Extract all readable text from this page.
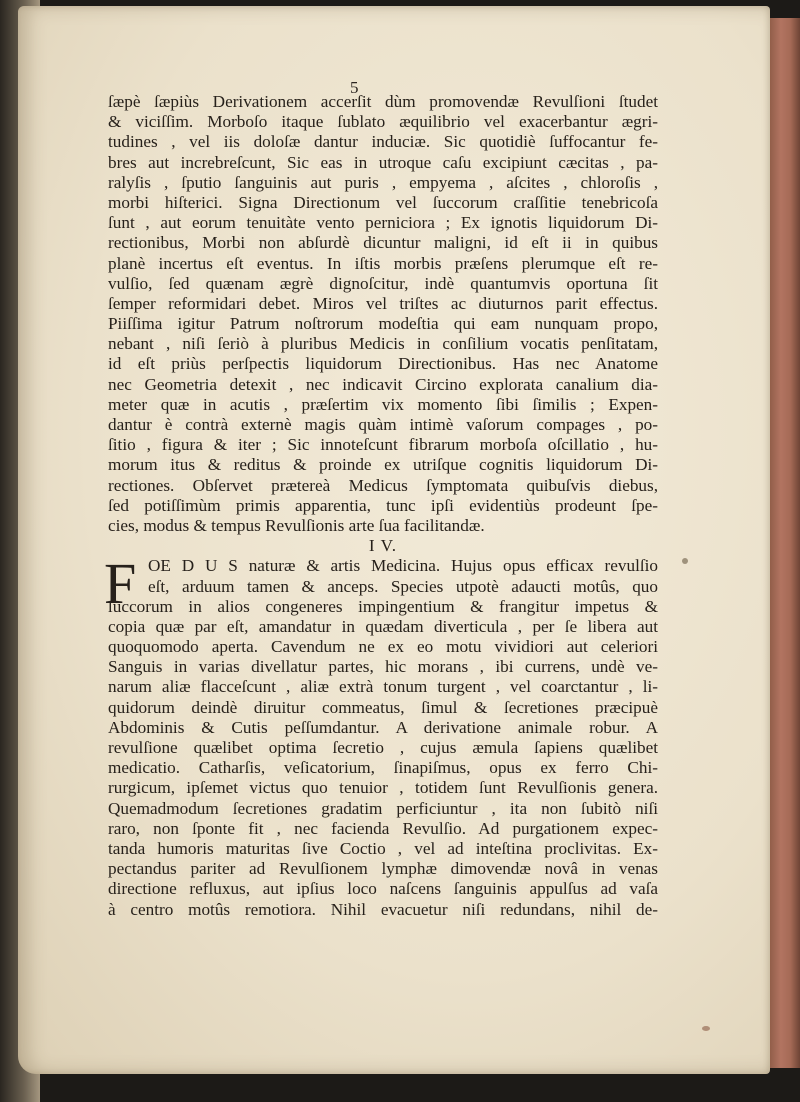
5
ſæpè ſæpiùs Derivationem accerſit dùm promovendæ Revulſioni ſtudet
& viciſſim. Morboſo itaque ſublato æquilibrio vel exacerbantur ægri-
tudines , vel iis doloſæ dantur induciæ. Sic quotidiè ſuffocantur fe-
bres aut increbreſcunt, Sic eas in utroque caſu excipiunt cæcitas , pa-
ralyſis , ſputio ſanguinis aut puris , empyema , aſcites , chloroſis ,
morbi hiſterici. Signa Directionum vel ſuccorum craſſitie tenebricoſa
ſunt , aut eorum tenuitàte vento perniciora ; Ex ignotis liquidorum Di-
rectionibus, Morbi non abſurdè dicuntur maligni, id eſt ii in quibus
planè incertus eſt eventus. In iſtis morbis præſens plerumque eſt re-
vulſio, ſed quænam ægrè dignoſcitur, indè quantumvis oportuna ſit
ſemper reformidari debet. Miros vel triſtes ac diuturnos parit effectus.
Piiſſima igitur Patrum noſtrorum modeſtia qui eam nunquam propo,
nebant , niſi ſeriò à pluribus Medicis in conſilium vocatis penſitatam,
id eſt priùs perſpectis liquidorum Directionibus. Has nec Anatome
nec Geometria detexit , nec indicavit Circino explorata canalium dia-
meter quæ in acutis , præſertim vix momento ſibi ſimilis ; Expen-
dantur è contrà externè magis quàm intimè vaſorum compages , po-
ſitio , figura & iter ; Sic innoteſcunt fibrarum morboſa oſcillatio , hu-
morum itus & reditus & proinde ex utriſque cognitis liquidorum Di-
rectiones. Obſervet prætereà Medicus ſymptomata quibuſvis diebus,
ſed potiſſimùm primis apparentia, tunc ipſi evidentiùs prodeunt ſpe-
cies, modus & tempus Revulſionis arte ſua facilitandæ.
I V.
F OE D U S naturæ & artis Medicina. Hujus opus efficax revulſio
eſt, arduum tamen & anceps. Species utpotè adaucti motûs, quo
ſuccorum in alios congeneres impingentium & frangitur impetus &
copia quæ par eſt, amandatur in quædam diverticula , per ſe libera aut
quoquomodo aperta. Cavendum ne ex eo motu vividiori aut celeriori
Sanguis in varias divellatur partes, hic morans , ibi currens, undè ve-
narum aliæ flacceſcunt , aliæ extrà tonum turgent , vel coarctantur , li-
quidorum deindè diruitur commeatus, ſimul & ſecretiones præcipuè
Abdominis & Cutis peſſumdantur. A derivatione animale robur. A
revulſione quælibet optima ſecretio , cujus æmula ſapiens quælibet
medicatio. Catharſis, veſicatorium, ſinapiſmus, opus ex ferro Chi-
rurgicum, ipſemet victus quo tenuior , totidem ſunt Revulſionis genera.
Quemadmodum ſecretiones gradatim perficiuntur , ita non ſubitò niſi
raro, non ſponte fit , nec facienda Revulſio. Ad purgationem expec-
tanda humoris maturitas ſive Coctio , vel ad inteſtina proclivitas. Ex-
pectandus pariter ad Revulſionem lymphæ dimovendæ novâ in venas
directione refluxus, aut ipſius loco naſcens ſanguinis appulſus ad vaſa
à centro motûs remotiora. Nihil evacuetur niſi redundans, nihil de-
